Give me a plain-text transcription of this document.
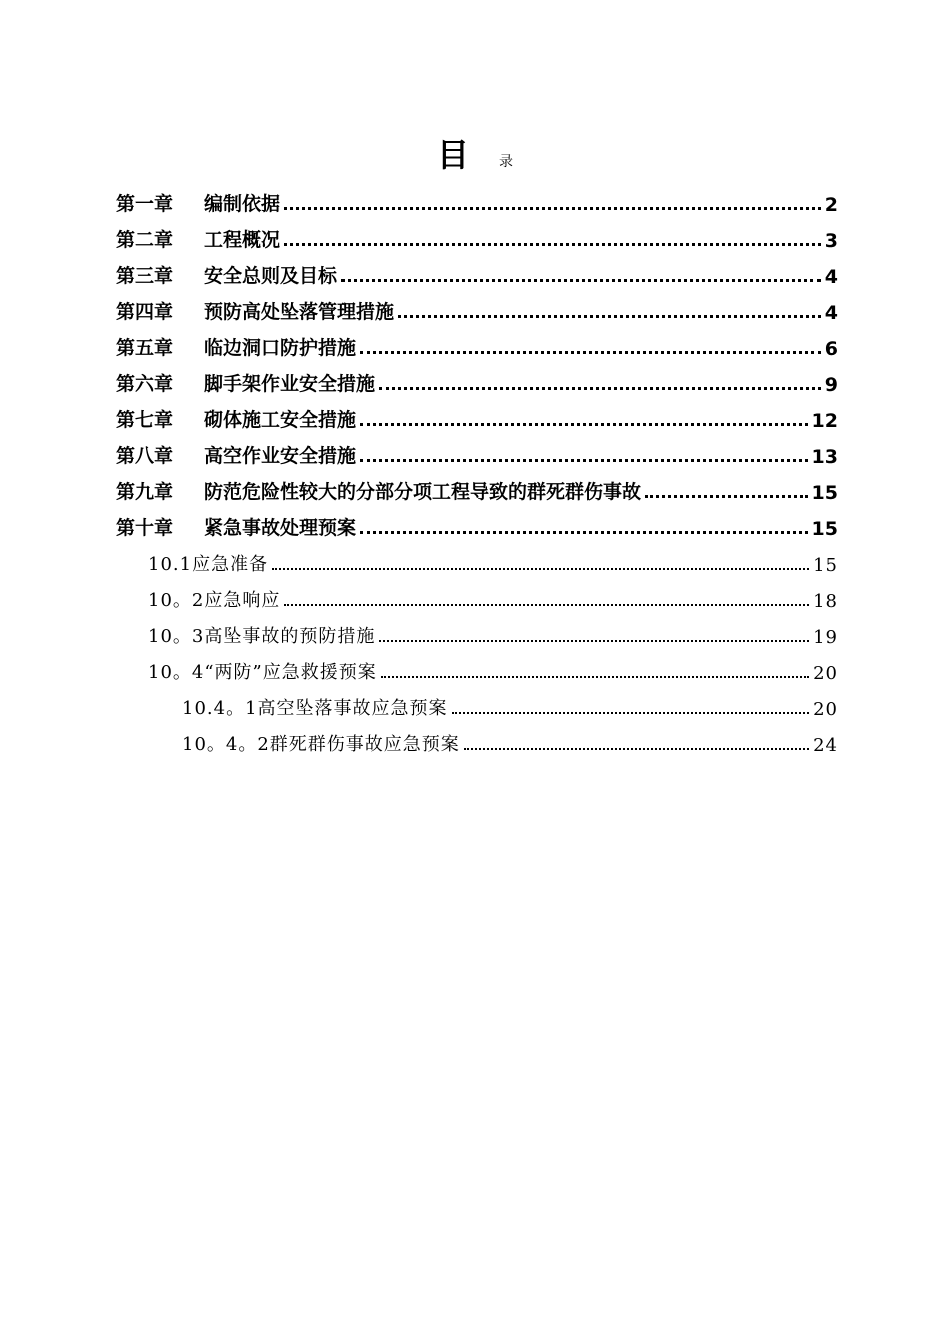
目 录
第一章	编制依据	2
第二章	工程概况	3
第三章	安全总则及目标	4
第四章	预防高处坠落管理措施	4
第五章	临边洞口防护措施	6
第六章	脚手架作业安全措施	9
第七章	砌体施工安全措施	12
第八章	高空作业安全措施	13
第九章	防范危险性较大的分部分项工程导致的群死群伤事故	15
第十章	紧急事故处理预案	15
10.1应急准备	15
10。2应急响应	18
10。3高坠事故的预防措施	19
10。4“两防”应急救援预案	20
10.4。1高空坠落事故应急预案	20
10。4。2群死群伤事故应急预案	24
